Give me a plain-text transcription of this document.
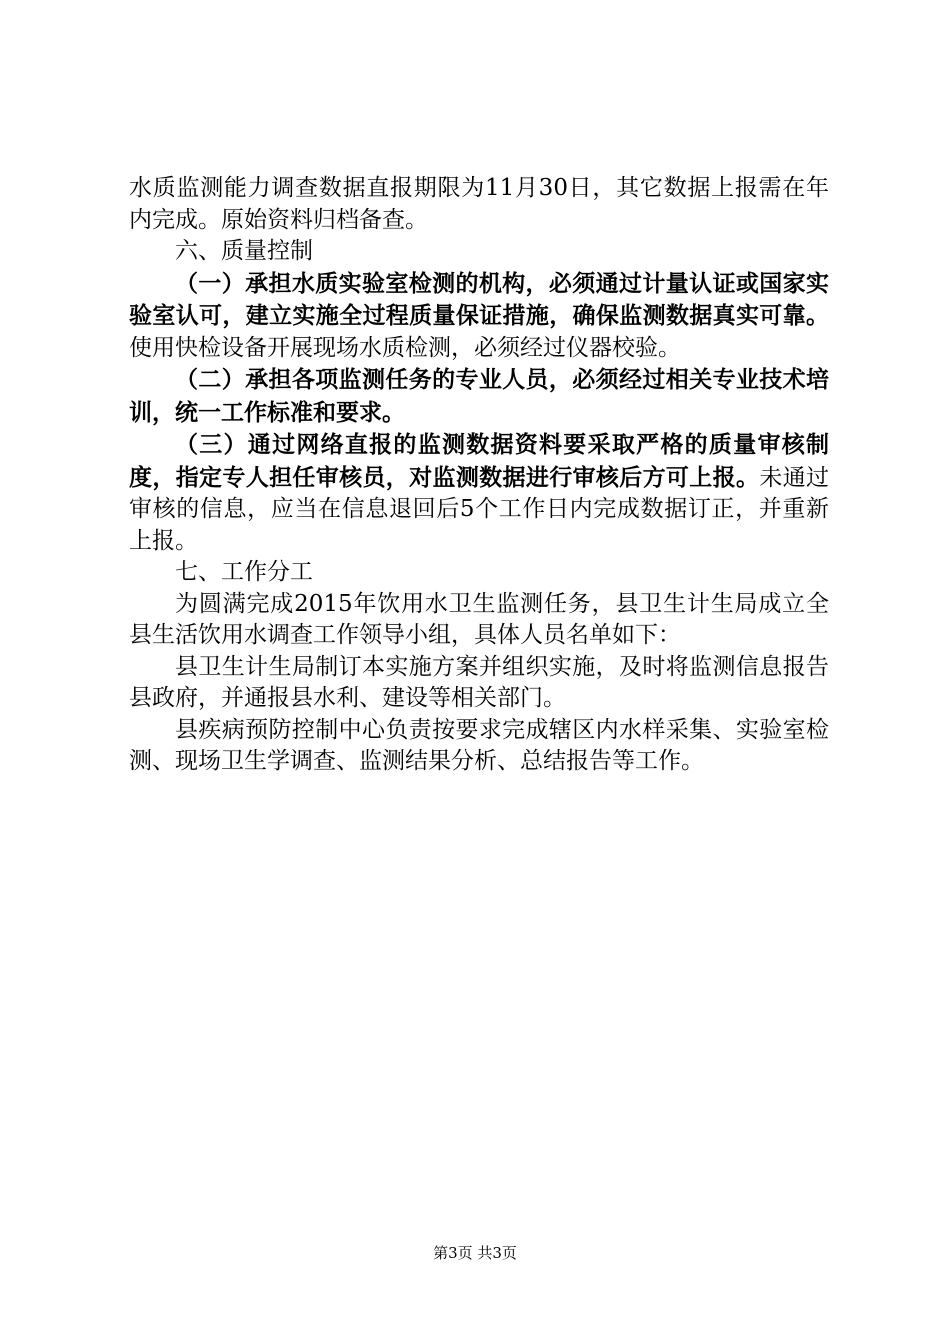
水质监测能力调查数据直报期限为11月30日，其它数据上报需在年内完成。原始资料归档备查。

六、质量控制

（一）承担水质实验室检测的机构，必须通过计量认证或国家实验室认可，建立实施全过程质量保证措施，确保监测数据真实可靠。使用快检设备开展现场水质检测，必须经过仪器校验。

（二）承担各项监测任务的专业人员，必须经过相关专业技术培训，统一工作标准和要求。

（三）通过网络直报的监测数据资料要采取严格的质量审核制度，指定专人担任审核员，对监测数据进行审核后方可上报。未通过审核的信息，应当在信息退回后5个工作日内完成数据订正，并重新上报。

七、工作分工

为圆满完成2015年饮用水卫生监测任务，县卫生计生局成立全县生活饮用水调查工作领导小组，具体人员名单如下：

县卫生计生局制订本实施方案并组织实施，及时将监测信息报告县政府，并通报县水利、建设等相关部门。

县疾病预防控制中心负责按要求完成辖区内水样采集、实验室检测、现场卫生学调查、监测结果分析、总结报告等工作。

第3页 共3页
